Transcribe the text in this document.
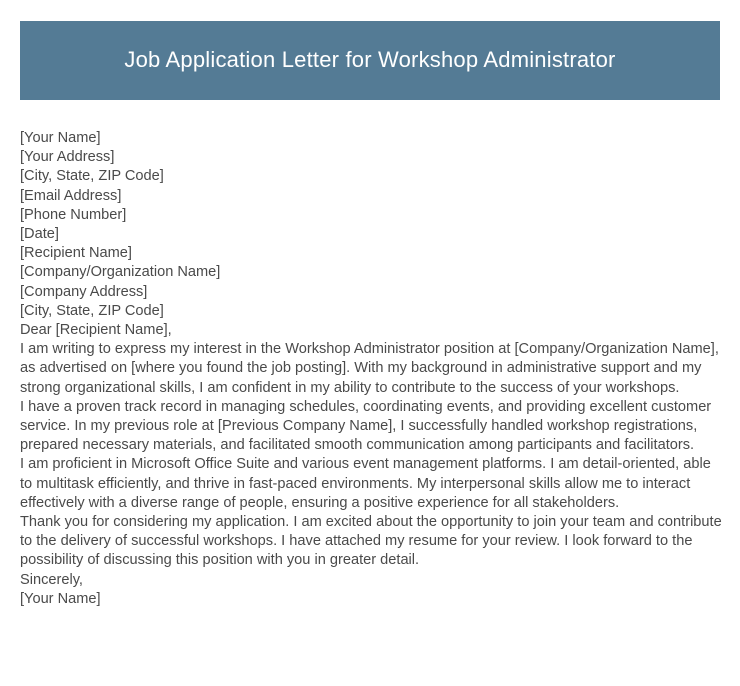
Job Application Letter for Workshop Administrator

[Your Name]

[Your Address]

[City, State, ZIP Code]

[Email Address]

[Phone Number]

[Date]

[Recipient Name]

[Company/Organization Name]

[Company Address]

[City, State, ZIP Code]

Dear [Recipient Name],

I am writing to express my interest in the Workshop Administrator position at [Company/Organization Name], as advertised on [where you found the job posting]. With my background in administrative support and my strong organizational skills, I am confident in my ability to contribute to the success of your workshops.

I have a proven track record in managing schedules, coordinating events, and providing excellent customer service. In my previous role at [Previous Company Name], I successfully handled workshop registrations, prepared necessary materials, and facilitated smooth communication among participants and facilitators.

I am proficient in Microsoft Office Suite and various event management platforms. I am detail-oriented, able to multitask efficiently, and thrive in fast-paced environments. My interpersonal skills allow me to interact effectively with a diverse range of people, ensuring a positive experience for all stakeholders.

Thank you for considering my application. I am excited about the opportunity to join your team and contribute to the delivery of successful workshops. I have attached my resume for your review. I look forward to the possibility of discussing this position with you in greater detail.

Sincerely,

[Your Name]
